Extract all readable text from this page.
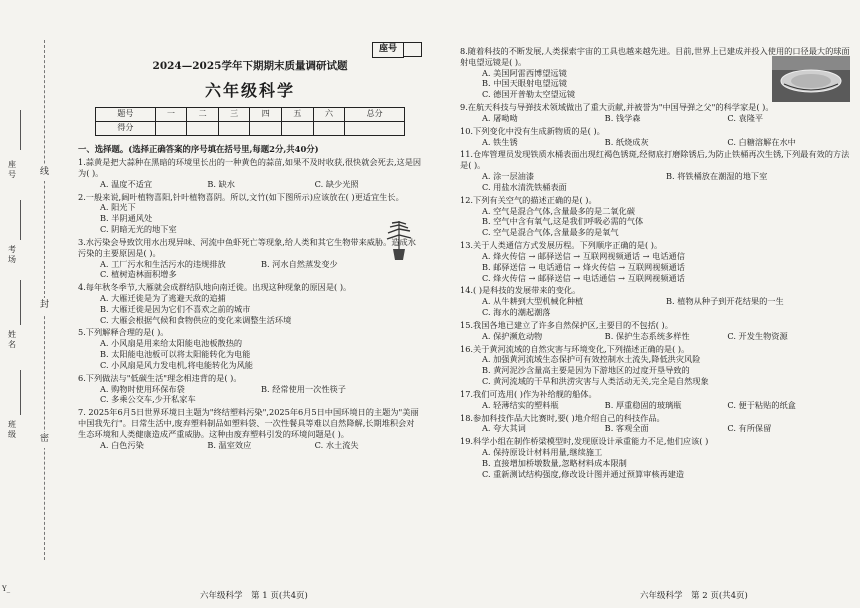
座号
考场
姓名
班级
线
封
密
Y_
座号
2024—2025学年下期期末质量调研试题
六年级科学
题号	一	二	三	四	五	六	总分
得分							
一、选择题。(选择正确答案的序号填在括号里,每题2分,共40分)
1.蒜黄是把大蒜种在黑暗的环境里长出的一种黄色的蒜苗,如果不及时收获,很快就会死去,这是因为( )。
A. 温度不适宜	B. 缺水	C. 缺少光照
2.一般来说,阔叶植物喜阳,针叶植物喜阴。所以,文竹(如下图所示)应该放在( )更适宜生长。
A. 阳光下
B. 半阴通风处
C. 阴暗无光的地下室
3.水污染会导致饮用水出现异味、河流中鱼虾死亡等现象,给人类和其它生物带来威胁。造成水污染的主要原因是( )。
A. 工厂污水和生活污水的违规排放	B. 河水自然蒸发变少
C. 植树造林面积增多
4.每年秋冬季节,大雁就会成群结队地向南迁徙。出现这种现象的原因是( )。
A. 大雁迁徙是为了逃避天敌的追捕
B. 大雁迁徙是因为它们不喜欢之前的城市
C. 大雁会根据气候和食物供应的变化来调整生活环境
5.下列解释合理的是( )。
A. 小风扇是用来给太阳能电池板散热的
B. 太阳能电池板可以将太阳能转化为电能
C. 小风扇是风力发电机,将电能转化为风能
6.下列做法与"低碳生活"理念相违背的是( )。
A. 购物时使用环保布袋	B. 经常使用一次性筷子
C. 多乘公交车,少开私家车
7. 2025年6月5日世界环境日主题为"终结塑料污染",2025年6月5日中国环境日的主题为"美丽中国我先行"。日常生活中,废弃塑料制品如塑料袋、一次性餐具等难以自然降解,长期堆积会对生态环境和人类健康造成严重威胁。这种由废弃塑料引发的环境问题是( )。
A. 白色污染	B. 温室效应	C. 水土流失
六年级科学　第 1 页(共4页)
8.随着科技的不断发展,人类探索宇宙的工具也越来越先进。目前,世界上已建成并投入使用的口径最大的球面射电望远镜是( )。
A. 美国阿雷西博望远镜
B. 中国天眼射电望远镜
C. 德国开普勒太空望远镜
9.在航天科技与导弹技术领域做出了重大贡献,并被誉为"中国导弹之父"的科学家是( )。
A. 屠呦呦	B. 钱学森	C. 袁隆平
10.下列变化中没有生成新物质的是( )。
A. 铁生锈	B. 纸烧成灰	C. 白糖溶解在水中
11.仓库管理员发现铁质水桶表面出现红褐色锈斑,经彻底打磨除锈后,为防止铁桶再次生锈,下列最有效的方法是( )。
A. 涂一层油漆	B. 将铁桶放在潮湿的地下室
C. 用盐水清洗铁桶表面
12.下列有关空气的描述正确的是( )。
A. 空气是混合气体,含量最多的是二氧化碳
B. 空气中含有氧气,这是我们呼吸必需的气体
C. 空气是混合气体,含量最多的是氧气
13.关于人类通信方式发展历程。下列顺序正确的是( )。
A. 烽火传信 → 邮驿送信 → 互联网视频通话 → 电话通信
B. 邮驿送信 → 电话通信 → 烽火传信 → 互联网视频通话
C. 烽火传信 → 邮驿送信 → 电话通信 → 互联网视频通话
14.( )是科技的发展带来的变化。
A. 从牛耕到大型机械化种植	B. 植物从种子到开花结果的一生
C. 海水的潮起潮落
15.我国各地已建立了许多自然保护区,主要目的不包括( )。
A. 保护濒危动物	B. 保护生态系统多样性	C. 开发生物资源
16.关于黄河流域的自然灾害与环境变化,下列描述正确的是( )。
A. 加强黄河流域生态保护可有效控制水土流失,降低洪灾风险
B. 黄河泥沙含量高主要是因为下游地区的过度开垦导致的
C. 黄河流域的干旱和洪涝灾害与人类活动无关,完全是自然现象
17.我们可选用( )作为补给舰的船体。
A. 轻薄结实的塑料瓶	B. 厚重稳固的玻璃瓶	C. 便于粘贴的纸盒
18.参加科技作品大比赛时,要( )地介绍自己的科技作品。
A. 夸大其词	B. 客观全面	C. 有所保留
19.科学小组在制作桥梁模型时,发现原设计承重能力不足,他们应该( )
A. 保持原设计材料用量,继续施工
B. 直接增加桥墩数量,忽略材料成本限制
C. 重新测试结构强度,修改设计图并通过预算审核再建造
六年级科学　第 2 页(共4页)
